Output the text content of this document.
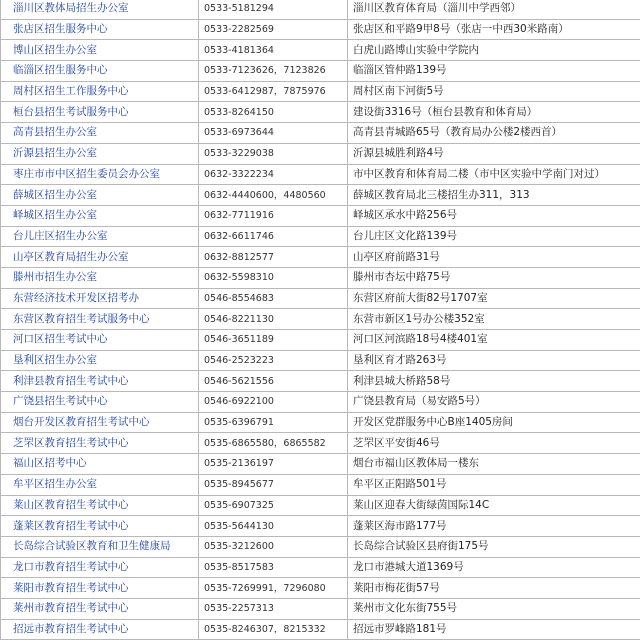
淄川区教体局招生办公室	0533-5181294	淄川区教育体育局（淄川中学西邻）
张店区招生服务中心	0533-2282569	张店区和平路9甲8号（张店一中西30米路南）
博山区招生办公室	0533-4181364	白虎山路博山实验中学院内
临淄区招生服务中心	0533-7123626，7123826	临淄区管仲路139号
周村区招生工作服务中心	0533-6412987，7875976	周村区南下河街5号
桓台县招生考试服务中心	0533-8264150	建设街3316号（桓台县教育和体育局）
高青县招生办公室	0533-6973644	高青县青城路65号（教育局办公楼2楼西首）
沂源县招生办公室	0533-3229038	沂源县城胜利路4号
枣庄市市中区招生委员会办公室	0632-3322234	市中区教育和体育局二楼（市中区实验中学南门对过）
薛城区招生办公室	0632-4440600，4480560	薛城区教育局北三楼招生办311，313
峄城区招生办公室	0632-7711916	峄城区承水中路256号
台儿庄区招生办公室	0632-6611746	台儿庄区文化路139号
山亭区教育局招生办公室	0632-8812577	山亭区府前路31号
滕州市招生办公室	0632-5598310	滕州市杏坛中路75号
东营经济技术开发区招考办	0546-8554683	东营区府前大街82号1707室
东营区教育招生考试服务中心	0546-8221130	东营市新区1号办公楼352室
河口区招生考试中心	0546-3651189	河口区河滨路18号4楼401室
垦利区招生办公室	0546-2523223	垦利区育才路263号
利津县教育招生考试中心	0546-5621556	利津县城大桥路58号
广饶县招生考试中心	0546-6922100	广饶县教育局（易安路5号）
烟台开发区教育招生考试中心	0535-6396791	开发区党群服务中心B座1405房间
芝罘区教育招生考试中心	0535-6865580，6865582	芝罘区平安街46号
福山区招考中心	0535-2136197	烟台市福山区教体局一楼东
牟平区招生办公室	0535-8945677	牟平区正阳路501号
莱山区教育招生考试中心	0535-6907325	莱山区迎春大街绿茵国际14C
蓬莱区教育招生考试中心	0535-5644130	蓬莱区海市路177号
长岛综合试验区教育和卫生健康局	0535-3212600	长岛综合试验区县府街175号
龙口市教育招生考试中心	0535-8517583	龙口市港城大道1369号
莱阳市教育招生考试中心	0535-7269991，7296080	莱阳市梅花街57号
莱州市教育招生考试中心	0535-2257313	莱州市文化东街755号
招远市教育招生考试中心	0535-8246307，8215332	招远市罗峰路181号
